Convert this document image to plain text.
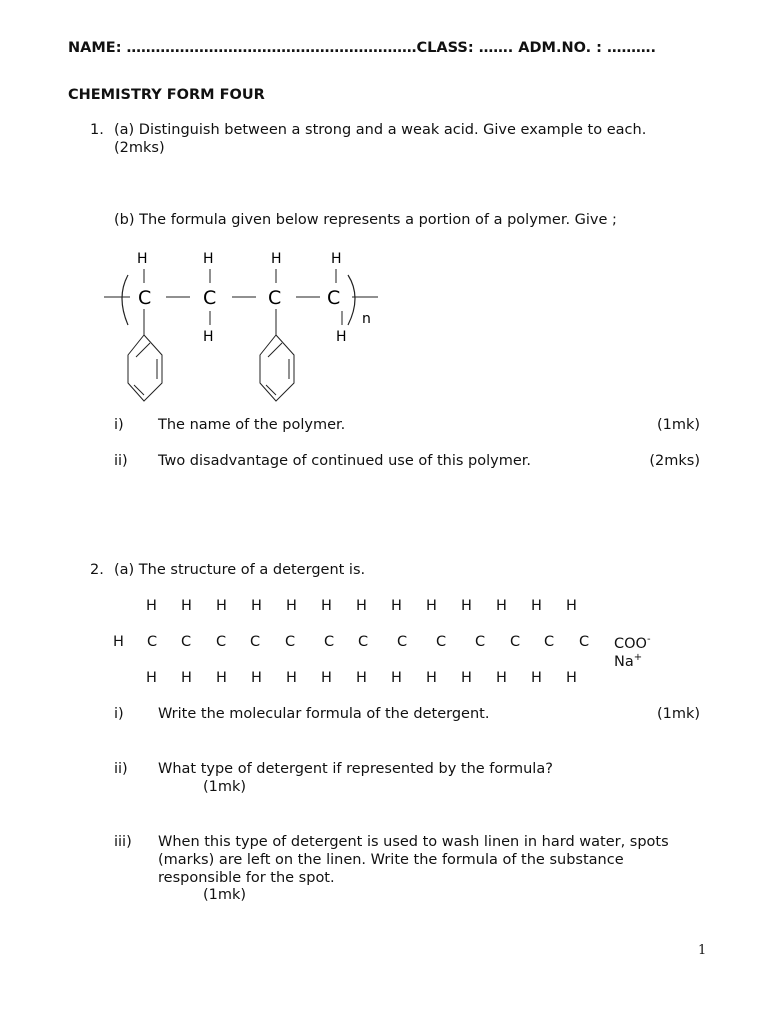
NAME: ……………………………………………………CLASS: ……. ADM.NO. : ……….
CHEMISTRY FORM FOUR
1. (a) Distinguish between a strong and a weak acid. Give example to each.
(2mks)
(b) The formula given below represents a portion of a polymer. Give ;
H	H	H	H
C	C	C C
H	H
n
i) The name of the polymer.	(1mk)
ii) Two disadvantage of continued use of this polymer.	(2mks)
2. (a) The structure of a detergent is.
H H H H H H H H H H H H H
H C C C C C C C C C C C C C COO-Na+
H H H H H H H H H H H H H
i) Write the molecular formula of the detergent.	(1mk)
ii) What type of detergent if represented by the formula?
(1mk)
iii) When this type of detergent is used to wash linen in hard water, spots
(marks) are left on the linen. Write the formula of the substance
responsible for the spot.
(1mk)
1
